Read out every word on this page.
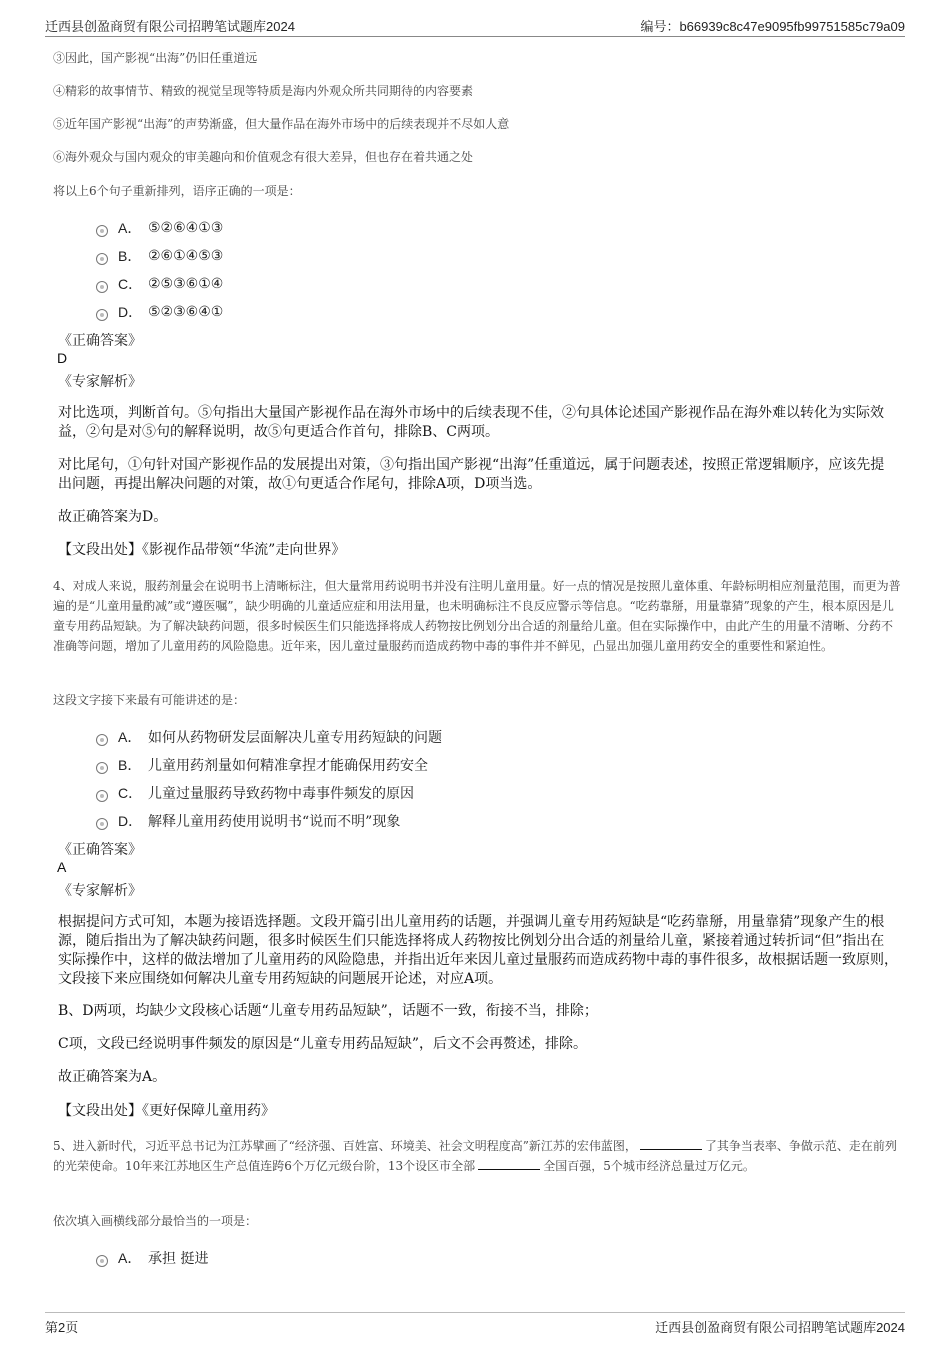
迁西县创盈商贸有限公司招聘笔试题库2024	编号：b66939c8c47e9095fb99751585c79a09
③因此，国产影视“出海”仍旧任重道远
④精彩的故事情节、精致的视觉呈现等特质是海内外观众所共同期待的内容要素
⑤近年国产影视“出海”的声势渐盛，但大量作品在海外市场中的后续表现并不尽如人意
⑥海外观众与国内观众的审美趣向和价值观念有很大差异，但也存在着共通之处
将以上6个句子重新排列，语序正确的一项是：
A． ⑤②⑥④①③
B． ②⑥①④⑤③
C． ②⑤③⑥①④
D． ⑤②③⑥④①
《正确答案》
D
《专家解析》
对比选项，判断首句。⑤句指出大量国产影视作品在海外市场中的后续表现不佳，②句具体论述国产影视作品在海外难以转化为实际效益，②句是对⑤句的解释说明，故⑤句更适合作首句，排除B、C两项。
对比尾句，①句针对国产影视作品的发展提出对策，③句指出国产影视“出海”任重道远，属于问题表述，按照正常逻辑顺序，应该先提出问题，再提出解决问题的对策，故①句更适合作尾句，排除A项，D项当选。
故正确答案为D。
【文段出处】《影视作品带领“华流”走向世界》
4、对成人来说，服药剂量会在说明书上清晰标注，但大量常用药说明书并没有注明儿童用量。好一点的情况是按照儿童体重、年龄标明相应剂量范围，而更为普遍的是“儿童用量酌减”或“遵医嘱”，缺少明确的儿童适应症和用法用量，也未明确标注不良反应警示等信息。“吃药靠掰，用量靠猜”现象的产生，根本原因是儿童专用药品短缺。为了解决缺药问题，很多时候医生们只能选择将成人药物按比例划分出合适的剂量给儿童。但在实际操作中，由此产生的用量不清晰、分药不准确等问题，增加了儿童用药的风险隐患。近年来，因儿童过量服药而造成药物中毒的事件并不鲜见，凸显出加强儿童用药安全的重要性和紧迫性。
这段文字接下来最有可能讲述的是：
A． 如何从药物研发层面解决儿童专用药短缺的问题
B． 儿童用药剂量如何精准拿捏才能确保用药安全
C． 儿童过量服药导致药物中毒事件频发的原因
D． 解释儿童用药使用说明书“说而不明”现象
《正确答案》
A
《专家解析》
根据提问方式可知，本题为接语选择题。文段开篇引出儿童用药的话题，并强调儿童专用药短缺是“吃药靠掰，用量靠猜”现象产生的根源，随后指出为了解决缺药问题，很多时候医生们只能选择将成人药物按比例划分出合适的剂量给儿童，紧接着通过转折词“但”指出在实际操作中，这样的做法增加了儿童用药的风险隐患，并指出近年来因儿童过量服药而造成药物中毒的事件很多，故根据话题一致原则，文段接下来应围绕如何解决儿童专用药短缺的问题展开论述，对应A项。
B、D两项，均缺少文段核心话题“儿童专用药品短缺”，话题不一致，衔接不当，排除；
C项，文段已经说明事件频发的原因是“儿童专用药品短缺”，后文不会再赘述，排除。
故正确答案为A。
【文段出处】《更好保障儿童用药》
5、进入新时代，习近平总书记为江苏擘画了“经济强、百姓富、环境美、社会文明程度高”新江苏的宏伟蓝图，	了其争当表率、争做示范、走在前列的光荣使命。10年来江苏地区生产总值连跨6个万亿元级台阶，13个设区市全部	全国百强，5个城市经济总量过万亿元。
依次填入画横线部分最恰当的一项是：
A． 承担 挺进
第2页	迁西县创盈商贸有限公司招聘笔试题库2024
